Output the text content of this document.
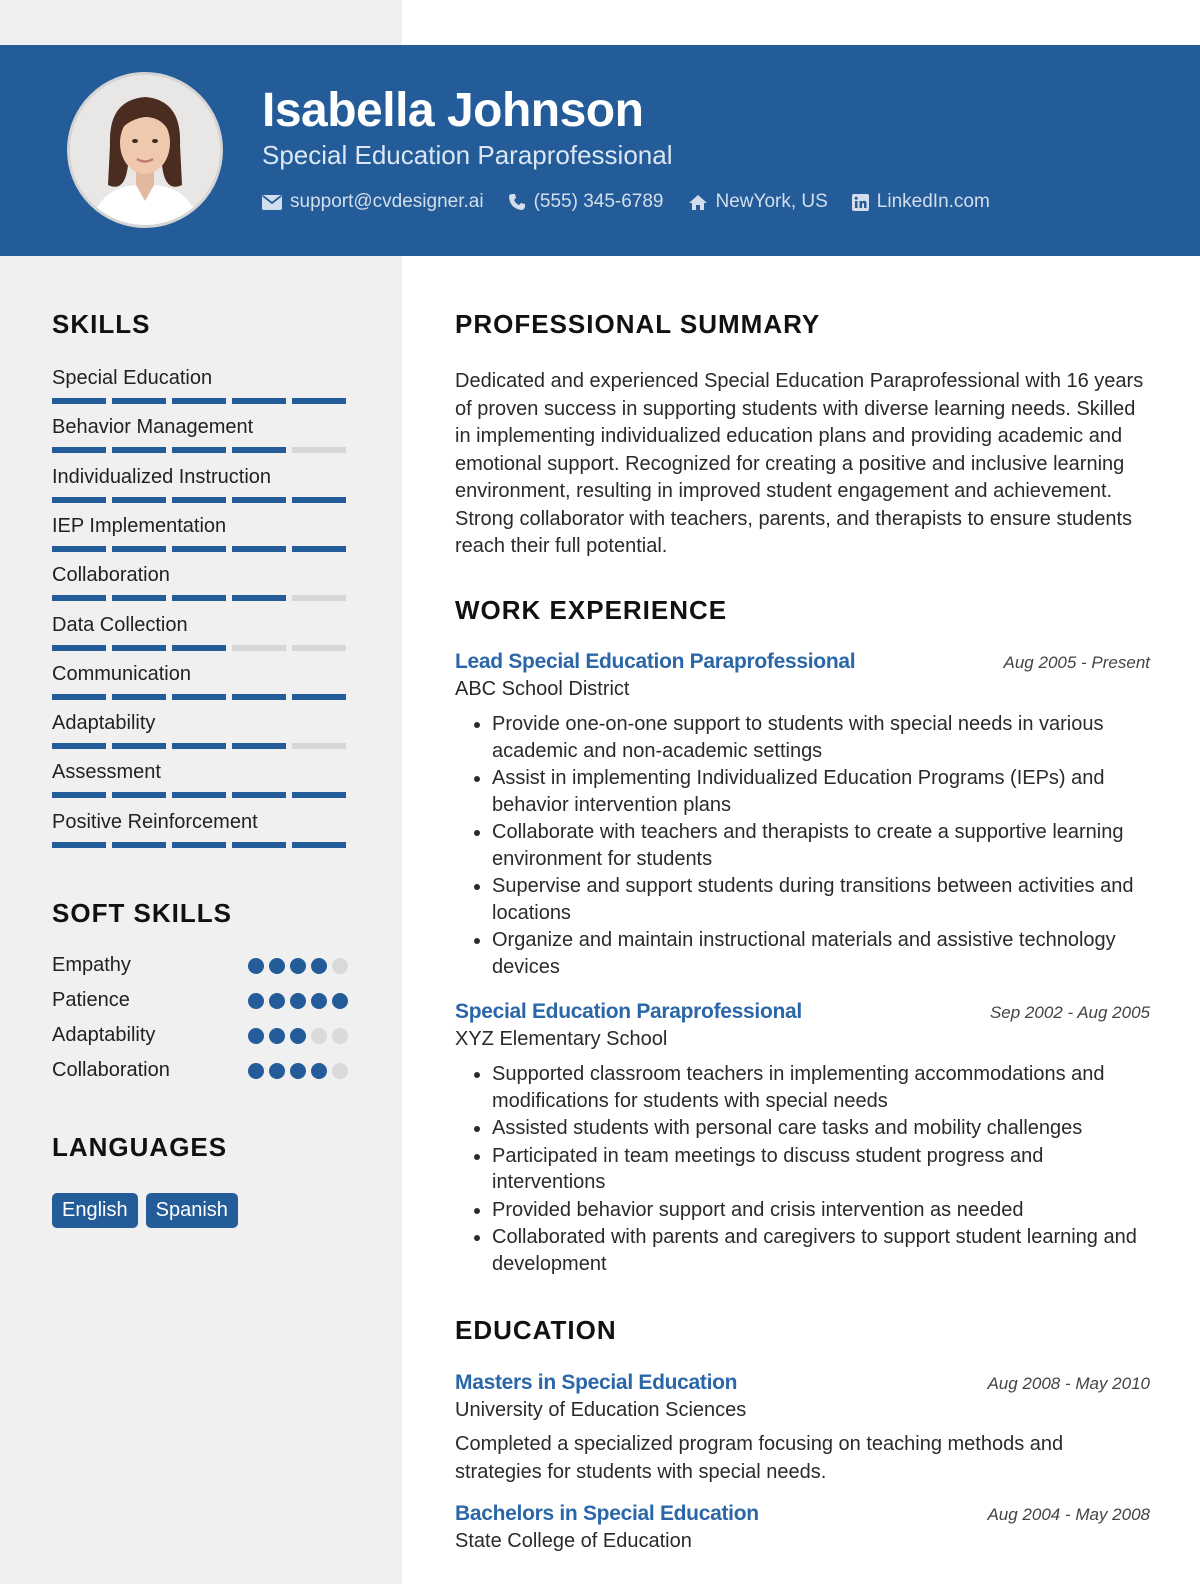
Isabella Johnson
Special Education Paraprofessional
support@cvdesigner.ai	(555) 345-6789	NewYork, US	LinkedIn.com
SKILLS
Special Education
Behavior Management
Individualized Instruction
IEP Implementation
Collaboration
Data Collection
Communication
Adaptability
Assessment
Positive Reinforcement
SOFT SKILLS
Empathy
Patience
Adaptability
Collaboration
LANGUAGES
English	Spanish
PROFESSIONAL SUMMARY
Dedicated and experienced Special Education Paraprofessional with 16 years of proven success in supporting students with diverse learning needs. Skilled in implementing individualized education plans and providing academic and emotional support. Recognized for creating a positive and inclusive learning environment, resulting in improved student engagement and achievement. Strong collaborator with teachers, parents, and therapists to ensure students reach their full potential.
WORK EXPERIENCE
Lead Special Education Paraprofessional	Aug 2005 - Present
ABC School District
• Provide one-on-one support to students with special needs in various academic and non-academic settings
• Assist in implementing Individualized Education Programs (IEPs) and behavior intervention plans
• Collaborate with teachers and therapists to create a supportive learning environment for students
• Supervise and support students during transitions between activities and locations
• Organize and maintain instructional materials and assistive technology devices
Special Education Paraprofessional	Sep 2002 - Aug 2005
XYZ Elementary School
• Supported classroom teachers in implementing accommodations and modifications for students with special needs
• Assisted students with personal care tasks and mobility challenges
• Participated in team meetings to discuss student progress and interventions
• Provided behavior support and crisis intervention as needed
• Collaborated with parents and caregivers to support student learning and development
EDUCATION
Masters in Special Education	Aug 2008 - May 2010
University of Education Sciences
Completed a specialized program focusing on teaching methods and strategies for students with special needs.
Bachelors in Special Education	Aug 2004 - May 2008
State College of Education
